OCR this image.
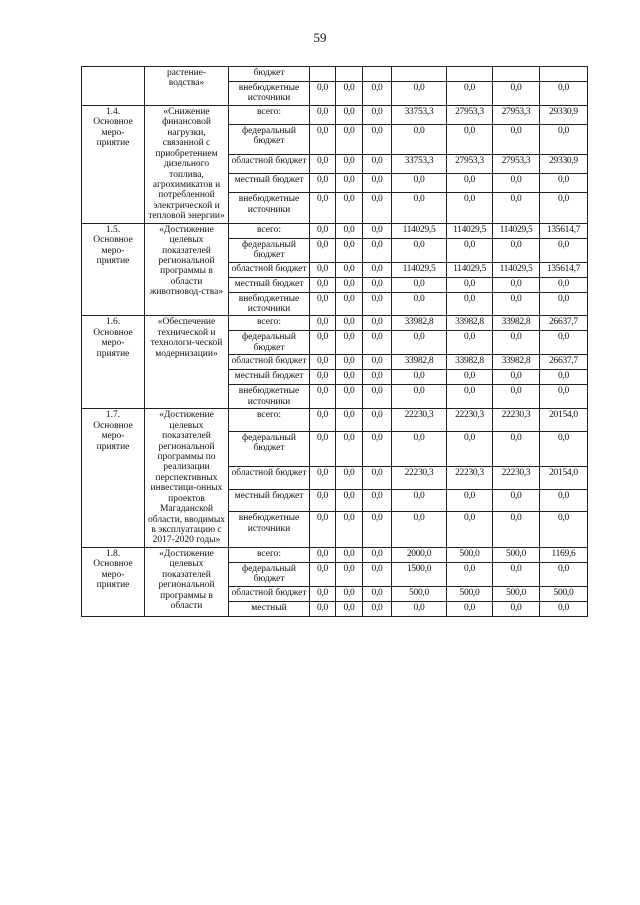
59
	растение-
водства»	бюджет							
		внебюджетные источники	0,0	0,0	0,0	0,0	0,0	0,0	0,0
1.4.
Основное
меро-
приятие	«Снижение финансовой нагрузки, связанной с приобретением дизельного топлива, агрохимикатов и потребленной электрической и тепловой энергии»	всего:	0,0	0,0	0,0	33753,3	27953,3	27953,3	29330,9
		федеральный бюджет	0,0	0,0	0,0	0,0	0,0	0,0	0,0
		областной бюджет	0,0	0,0	0,0	33753,3	27953,3	27953,3	29330,9
		местный бюджет	0,0	0,0	0,0	0,0	0,0	0,0	0,0
		внебюджетные источники	0,0	0,0	0,0	0,0	0,0	0,0	0,0
1.5.
Основное
меро-
приятие	«Достижение целевых показателей региональной программы в области животновод-ства»	всего:	0,0	0,0	0,0	114029,5	114029,5	114029,5	135614,7
		федеральный бюджет	0,0	0,0	0,0	0,0	0,0	0,0	0,0
		областной бюджет	0,0	0,0	0,0	114029,5	114029,5	114029,5	135614,7
		местный бюджет	0,0	0,0	0,0	0,0	0,0	0,0	0,0
		внебюджетные источники	0,0	0,0	0,0	0,0	0,0	0,0	0,0
1.6.
Основное
меро-
приятие	«Обеспечение технической и технологи-ческой модернизации»	всего:	0,0	0,0	0,0	33982,8	33982,8	33982,8	26637,7
		федеральный бюджет	0,0	0,0	0,0	0,0	0,0	0,0	0,0
		областной бюджет	0,0	0,0	0,0	33982,8	33982,8	33982,8	26637,7
		местный бюджет	0,0	0,0	0,0	0,0	0,0	0,0	0,0
		внебюджетные источники	0,0	0,0	0,0	0,0	0,0	0,0	0,0
1.7.
Основное
меро-
приятие	«Достижение целевых показателей региональной программы по реализации перспективных инвестици-онных проектов Магаданской области, вводимых в эксплуатацию с 2017-2020 годы»	всего:	0,0	0,0	0,0	22230,3	22230,3	22230,3	20154,0
		федеральный бюджет	0,0	0,0	0,0	0,0	0,0	0,0	0,0
		областной бюджет	0,0	0,0	0,0	22230,3	22230,3	22230,3	20154,0
		местный бюджет	0,0	0,0	0,0	0,0	0,0	0,0	0,0
		внебюджетные источники	0,0	0,0	0,0	0,0	0,0	0,0	0,0
1.8.
Основное
меро-
приятие	«Достижение целевых показателей региональной программы в области	всего:	0,0	0,0	0,0	2000,0	500,0	500,0	1169,6
		федеральный бюджет	0,0	0,0	0,0	1500,0	0,0	0,0	0,0
		областной бюджет	0,0	0,0	0,0	500,0	500,0	500,0	500,0
		местный	0,0	0,0	0,0	0,0	0,0	0,0	0,0
